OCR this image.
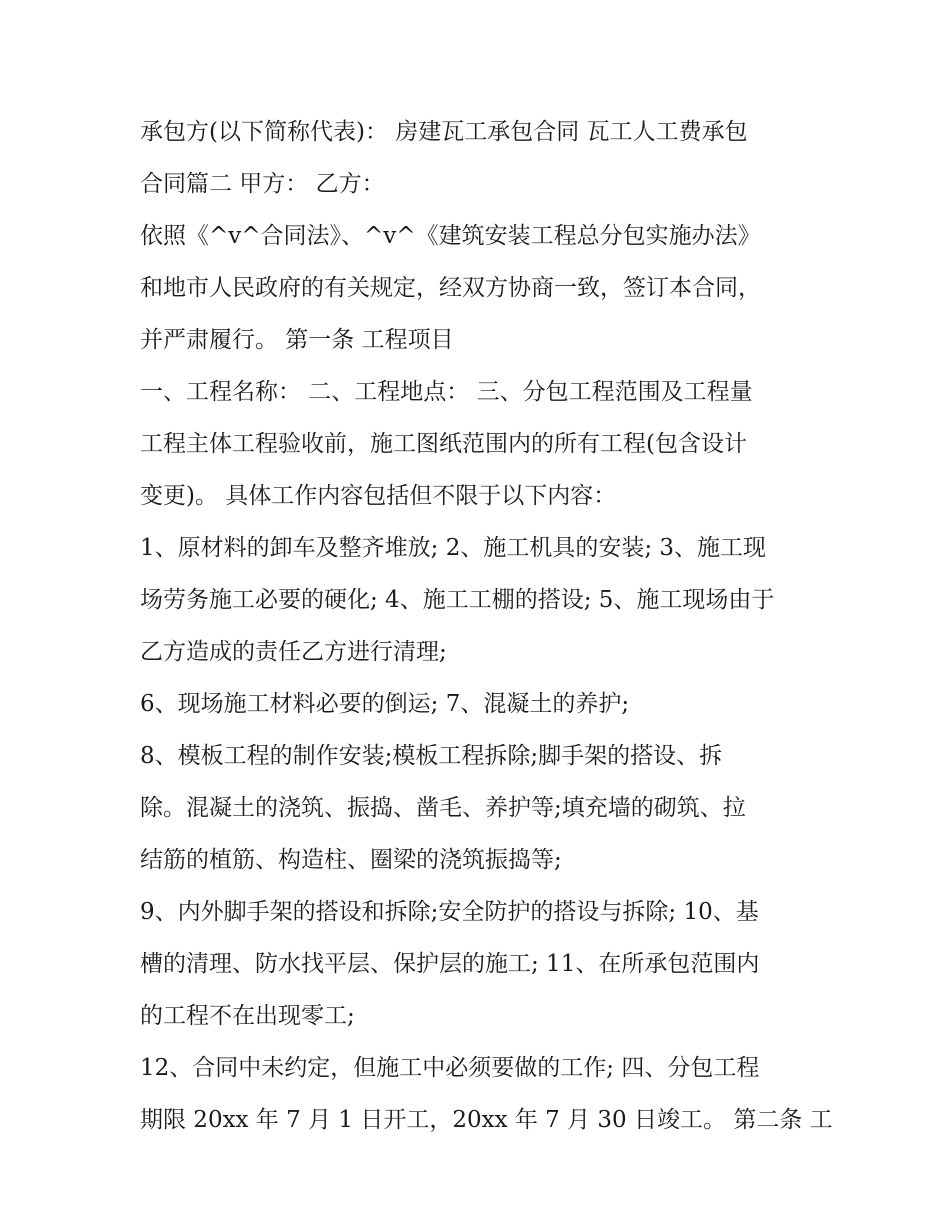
承包方(以下简称代表)： 房建瓦工承包合同 瓦工人工费承包
合同篇二 甲方： 乙方：
依照《^v^合同法》、^v^《建筑安装工程总分包实施办法》
和地市人民政府的有关规定，经双方协商一致，签订本合同，
并严肃履行。 第一条 工程项目
一、工程名称： 二、工程地点： 三、分包工程范围及工程量
工程主体工程验收前，施工图纸范围内的所有工程(包含设计
变更)。 具体工作内容包括但不限于以下内容：
1、原材料的卸车及整齐堆放; 2、施工机具的安装; 3、施工现
场劳务施工必要的硬化; 4、施工工棚的搭设; 5、施工现场由于
乙方造成的责任乙方进行清理;
6、现场施工材料必要的倒运; 7、混凝土的养护;
8、模板工程的制作安装;模板工程拆除;脚手架的搭设、拆
除。混凝土的浇筑、振捣、凿毛、养护等;填充墙的砌筑、拉
结筋的植筋、构造柱、圈梁的浇筑振捣等;
9、内外脚手架的搭设和拆除;安全防护的搭设与拆除; 10、基
槽的清理、防水找平层、保护层的施工; 11、在所承包范围内
的工程不在出现零工;
12、合同中未约定，但施工中必须要做的工作; 四、分包工程
期限 20xx 年 7 月 1 日开工，20xx 年 7 月 30 日竣工。 第二条 工
